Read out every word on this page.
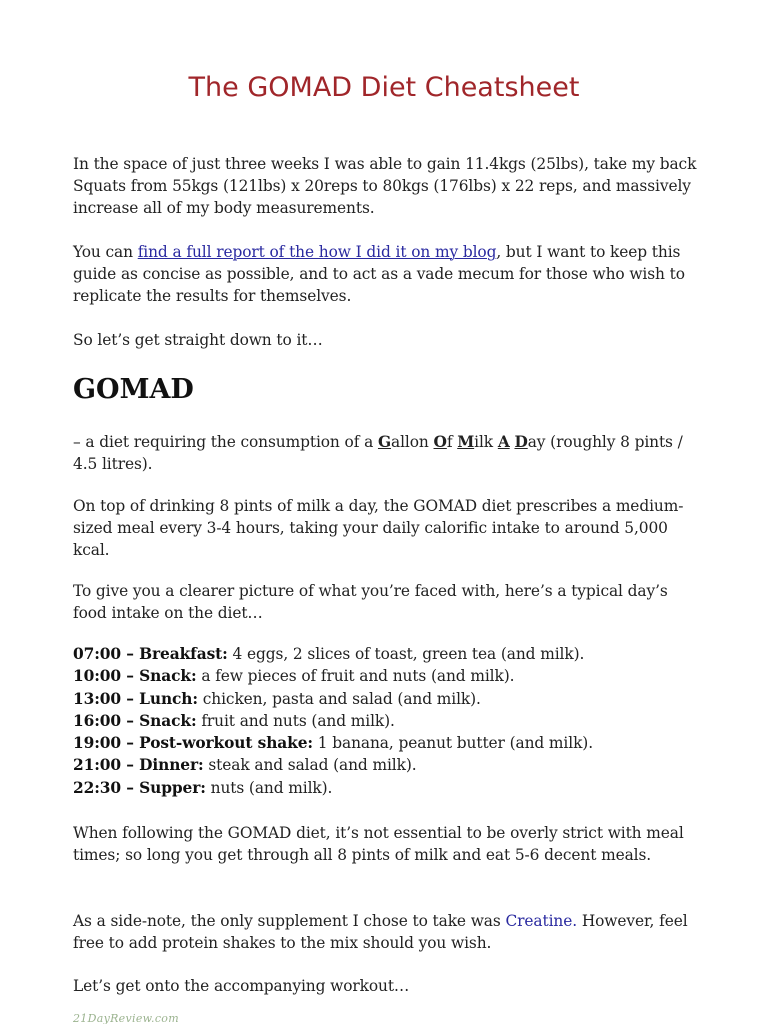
The GOMAD Diet Cheatsheet

In the space of just three weeks I was able to gain 11.4kgs (25lbs), take my back Squats from 55kgs (121lbs) x 20reps to 80kgs (176lbs) x 22 reps, and massively increase all of my body measurements.

You can find a full report of the how I did it on my blog, but I want to keep this guide as concise as possible, and to act as a vade mecum for those who wish to replicate the results for themselves.

So let’s get straight down to it…

GOMAD

– a diet requiring the consumption of a Gallon Of Milk A Day (roughly 8 pints / 4.5 litres).

On top of drinking 8 pints of milk a day, the GOMAD diet prescribes a medium-sized meal every 3-4 hours, taking your daily calorific intake to around 5,000 kcal.

To give you a clearer picture of what you’re faced with, here’s a typical day’s food intake on the diet…

07:00 – Breakfast: 4 eggs, 2 slices of toast, green tea (and milk).
10:00 – Snack: a few pieces of fruit and nuts (and milk).
13:00 – Lunch: chicken, pasta and salad (and milk).
16:00 – Snack: fruit and nuts (and milk).
19:00 – Post-workout shake: 1 banana, peanut butter (and milk).
21:00 – Dinner: steak and salad (and milk).
22:30 – Supper: nuts (and milk).

When following the GOMAD diet, it’s not essential to be overly strict with meal times; so long you get through all 8 pints of milk and eat 5-6 decent meals.

As a side-note, the only supplement I chose to take was Creatine. However, feel free to add protein shakes to the mix should you wish.

Let’s get onto the accompanying workout…

21DayReview.com
